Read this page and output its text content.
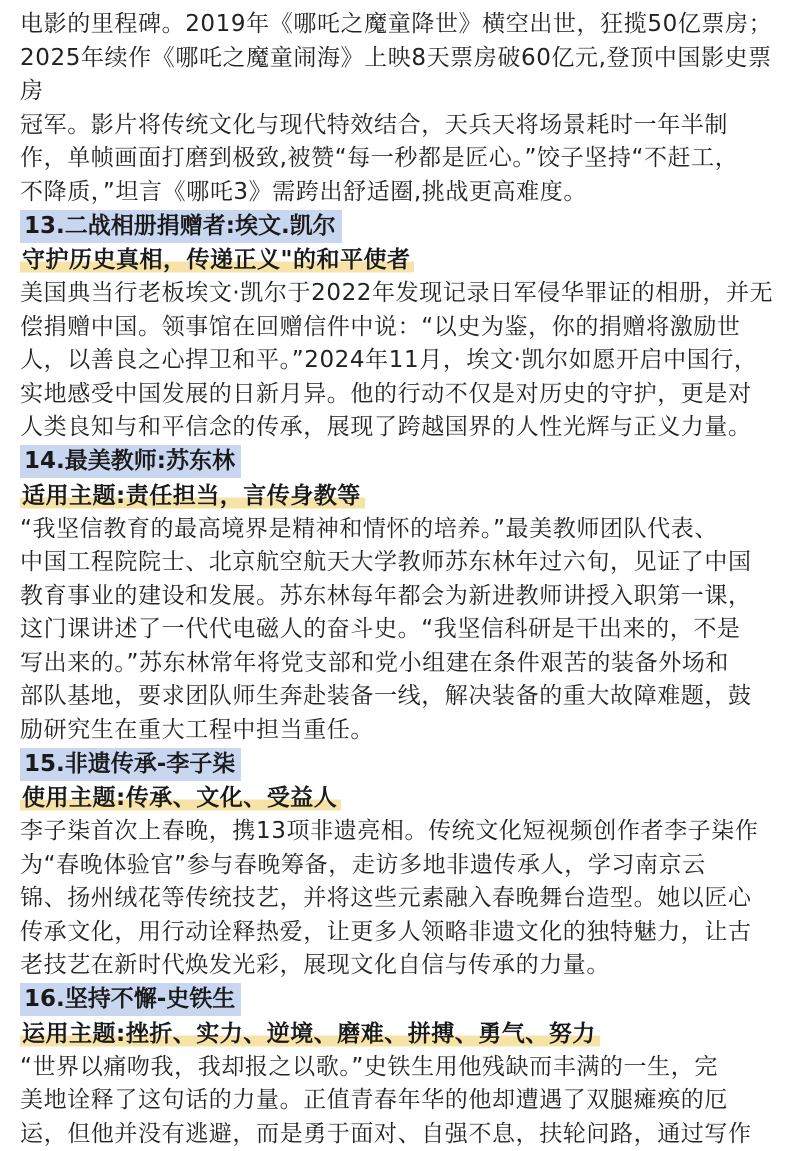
电影的里程碑。2019年《哪吒之魔童降世》横空出世，狂揽50亿票房；
2025年续作《哪吒之魔童闹海》上映8天票房破60亿元,登顶中国影史票房
冠军。影片将传统文化与现代特效结合，天兵天将场景耗时一年半制
作，单帧画面打磨到极致,被赞“每一秒都是匠心。”饺子坚持“不赶工，
不降质，”坦言《哪吒3》需跨出舒适圈,挑战更高难度。

13.二战相册捐赠者:埃文.凯尔
守护历史真相，传递正义"的和平使者

美国典当行老板埃文·凯尔于2022年发现记录日军侵华罪证的相册，并无
偿捐赠中国。领事馆在回赠信件中说：“以史为鉴，你的捐赠将激励世
人，以善良之心捍卫和平。”2024年11月，埃文·凯尔如愿开启中国行，
实地感受中国发展的日新月异。他的行动不仅是对历史的守护，更是对
人类良知与和平信念的传承，展现了跨越国界的人性光辉与正义力量。

14.最美教师:苏东林
适用主题:责任担当，言传身教等

“我坚信教育的最高境界是精神和情怀的培养。”最美教师团队代表、
中国工程院院士、北京航空航天大学教师苏东林年过六旬，见证了中国
教育事业的建设和发展。苏东林每年都会为新进教师讲授入职第一课，
这门课讲述了一代代电磁人的奋斗史。“我坚信科研是干出来的，不是
写出来的。”苏东林常年将党支部和党小组建在条件艰苦的装备外场和
部队基地，要求团队师生奔赴装备一线，解决装备的重大故障难题，鼓
励研究生在重大工程中担当重任。

15.非遗传承-李子柒
使用主题:传承、文化、受益人

李子柒首次上春晚，携13项非遗亮相。传统文化短视频创作者李子柒作
为“春晚体验官”参与春晚筹备，走访多地非遗传承人，学习南京云
锦、扬州绒花等传统技艺，并将这些元素融入春晚舞台造型。她以匠心
传承文化，用行动诠释热爱，让更多人领略非遗文化的独特魅力，让古
老技艺在新时代焕发光彩，展现文化自信与传承的力量。

16.坚持不懈-史铁生
运用主题:挫折、实力、逆境、磨难、拼搏、勇气、努力

“世界以痛吻我，我却报之以歌。”史铁生用他残缺而丰满的一生，完
美地诠释了这句话的力量。正值青春年华的他却遭遇了双腿瘫痪的厄
运，但他并没有逃避，而是勇于面对、自强不息，扶轮问路，通过写作
